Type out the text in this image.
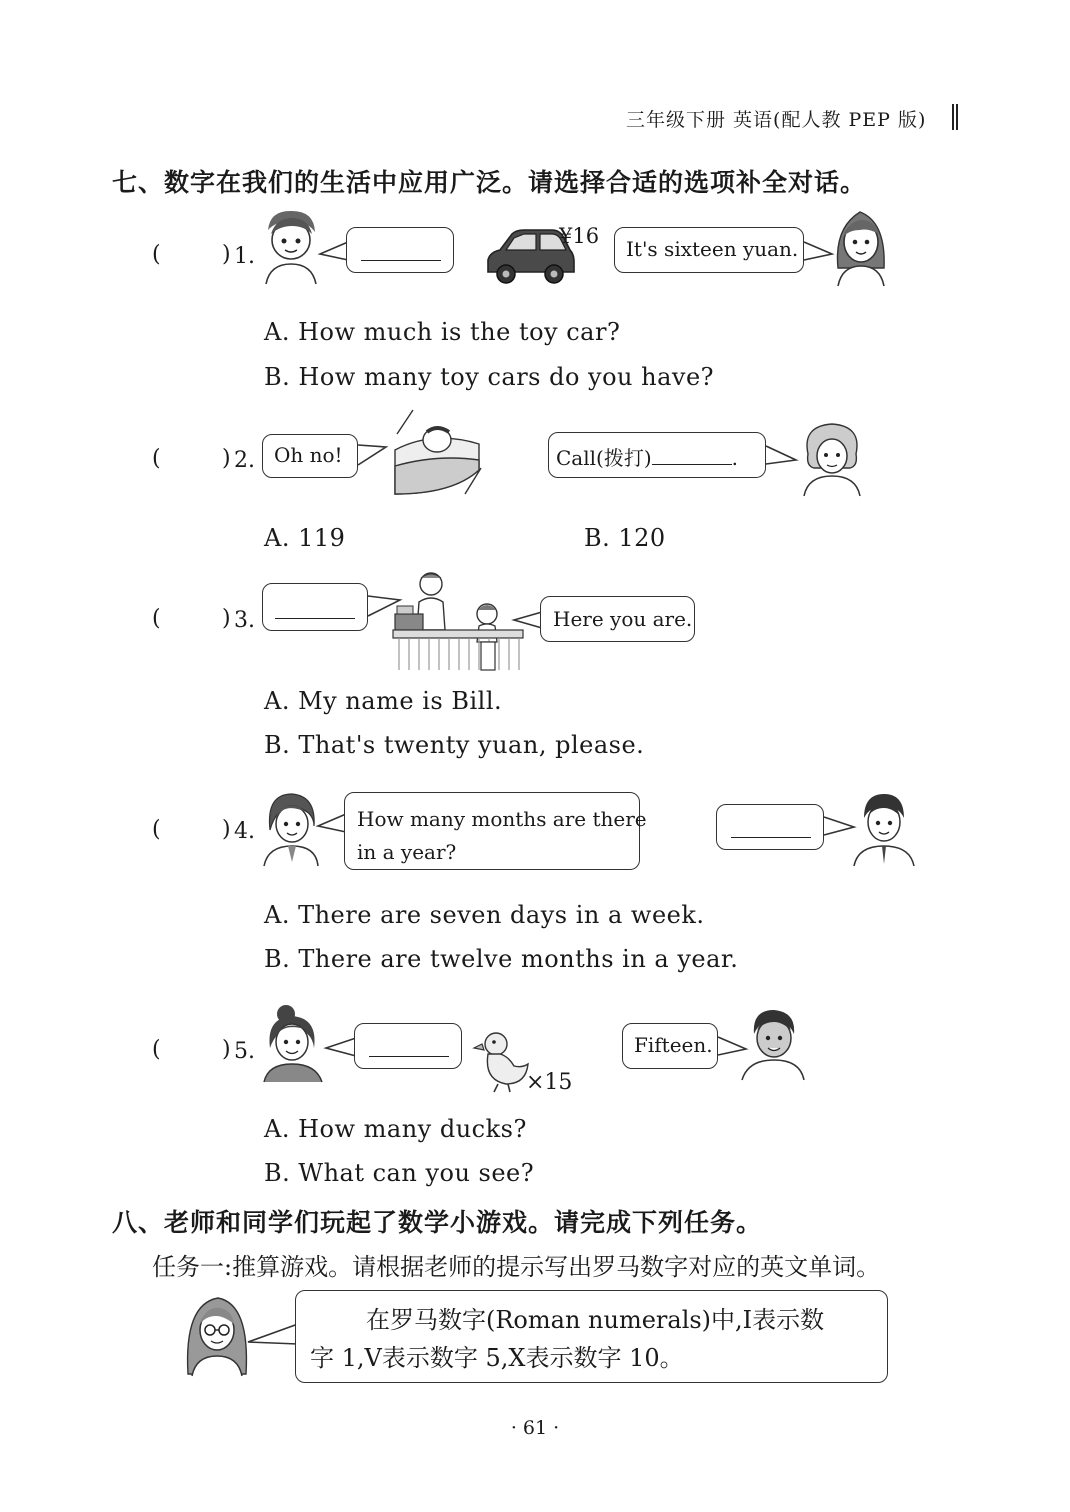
三年级下册 英语(配人教 PEP 版)
七、数字在我们的生活中应用广泛。请选择合适的选项补全对话。
(	) 1.
¥16
It's sixteen yuan.
A. How much is the toy car?
B. How many toy cars do you have?
(	) 2. Oh no!	Call(拨打)	.
A. 119	B. 120
(	) 3.	Here you are.
A. My name is Bill.
B. That's twenty yuan, please.
(	) 4.	How many months are there
in a year?
A. There are seven days in a week.
B. There are twelve months in a year.
(	) 5.
×15
Fifteen.
A. How many ducks?
B. What can you see?
八、老师和同学们玩起了数学小游戏。请完成下列任务。
任务一:推算游戏。请根据老师的提示写出罗马数字对应的英文单词。
在罗马数字(Roman numerals)中,Ⅰ表示数
字 1,Ⅴ表示数字 5,Ⅹ表示数字 10。
· 61 ·
